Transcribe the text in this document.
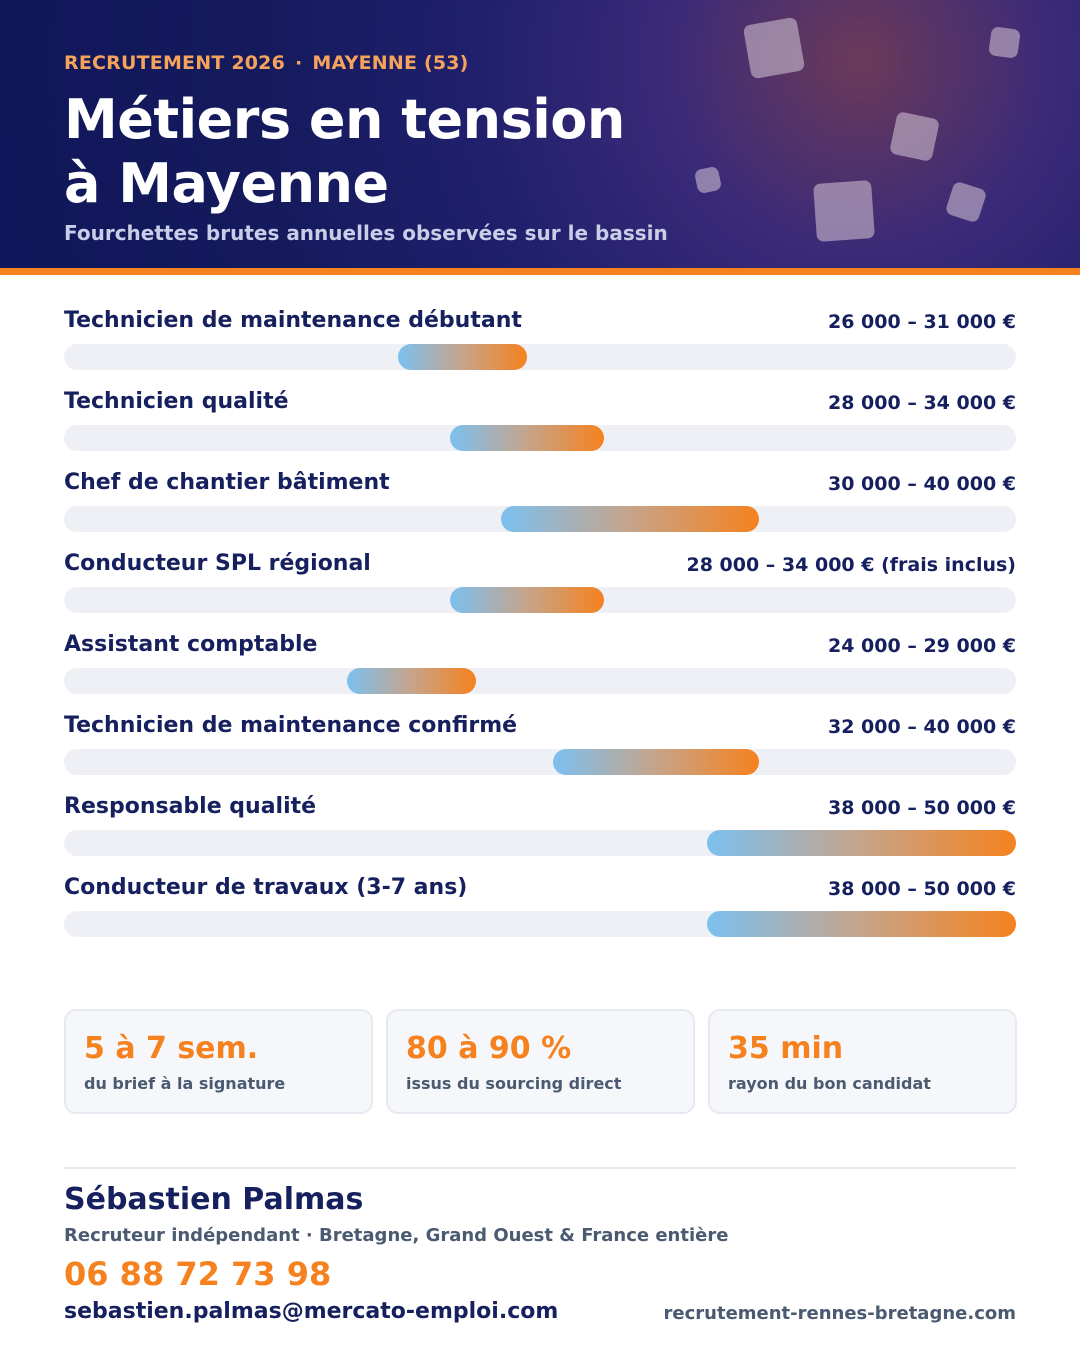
RECRUTEMENT 2026 · MAYENNE (53)
Métiers en tension
à Mayenne
Fourchettes brutes annuelles observées sur le bassin
Technicien de maintenance débutant	26 000 – 31 000 €
Technicien qualité	28 000 – 34 000 €
Chef de chantier bâtiment	30 000 – 40 000 €
Conducteur SPL régional	28 000 – 34 000 € (frais inclus)
Assistant comptable	24 000 – 29 000 €
Technicien de maintenance confirmé	32 000 – 40 000 €
Responsable qualité	38 000 – 50 000 €
Conducteur de travaux (3-7 ans)	38 000 – 50 000 €
5 à 7 sem.
du brief à la signature
80 à 90 %
issus du sourcing direct
35 min
rayon du bon candidat
Sébastien Palmas
Recruteur indépendant · Bretagne, Grand Ouest & France entière
06 88 72 73 98
sebastien.palmas@mercato-emploi.com	recrutement-rennes-bretagne.com
